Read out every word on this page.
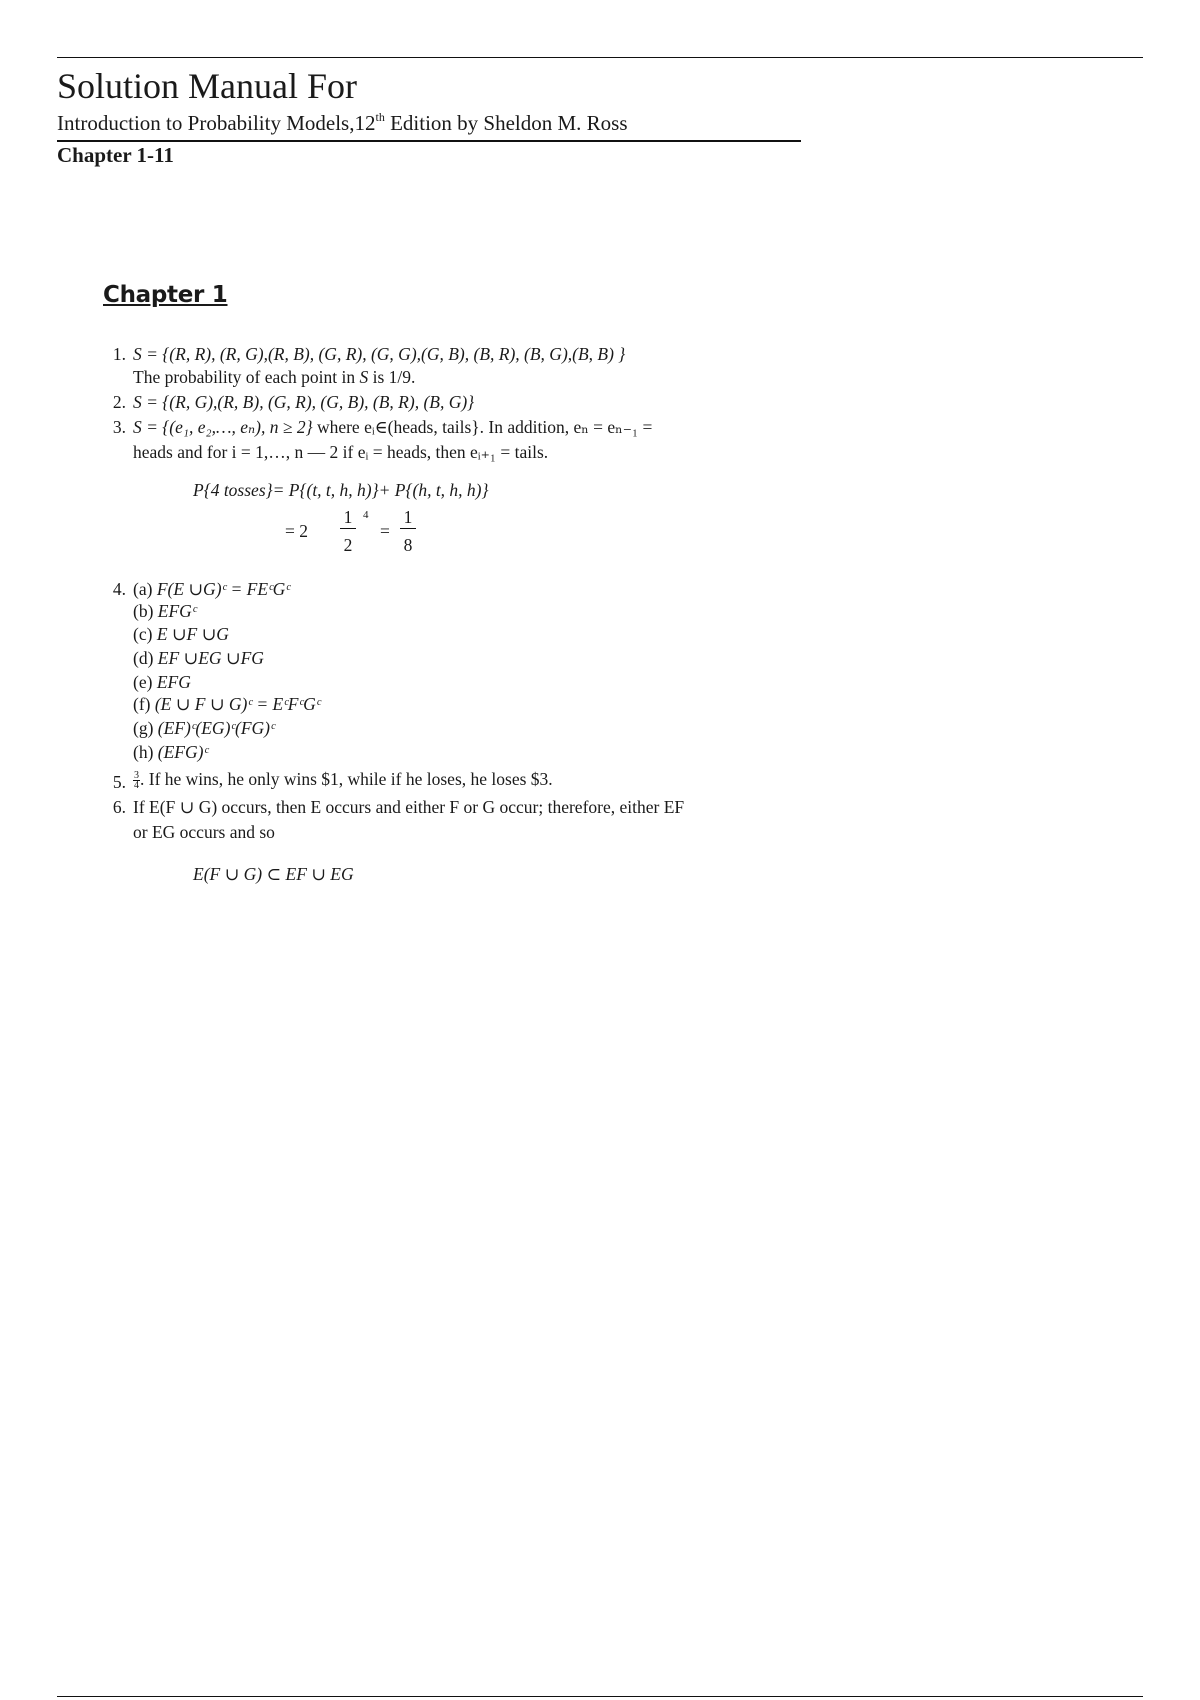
Solution Manual For
Introduction to Probability Models,12th Edition by Sheldon M. Ross
Chapter 1-11
Chapter 1
1. S = {(R, R), (R, G),(R, B), (G, R), (G, G),(G, B), (B, R), (B, G),(B, B) }
The probability of each point in S is 1/9.
2. S = {(R, G),(R, B), (G, R), (G, B), (B, R), (B, G)}
3. S = {(e₁, e₂,…, eₙ), n ≥ 2} where eᵢ∈(heads, tails}. In addition, eₙ = eₙ₋₁ =
heads and for i = 1,…, n — 2 if eᵢ = heads, then eᵢ₊₁ = tails.
P{4 tosses}= P{(t, t, h, h)}+ P{(h, t, h, h)}
= 2
1
2
4
=
1
8
4. (a) F(E ∪G)ᶜ = FEᶜGᶜ
(b) EFGᶜ
(c) E ∪F ∪G
(d) EF ∪EG ∪FG
(e) EFG
(f) (E ∪ F ∪ G)ᶜ = EᶜFᶜGᶜ
(g) (EF)ᶜ(EG)ᶜ(FG)ᶜ
(h) (EFG)ᶜ
5. $\frac{3}{4}$ . If he wins, he only wins $1, while if he loses, he loses $3.
6. If E(F ∪ G) occurs, then E occurs and either F or G occur; therefore, either EF
or EG occurs and so
E(F ∪ G) ⊂ EF ∪ EG
